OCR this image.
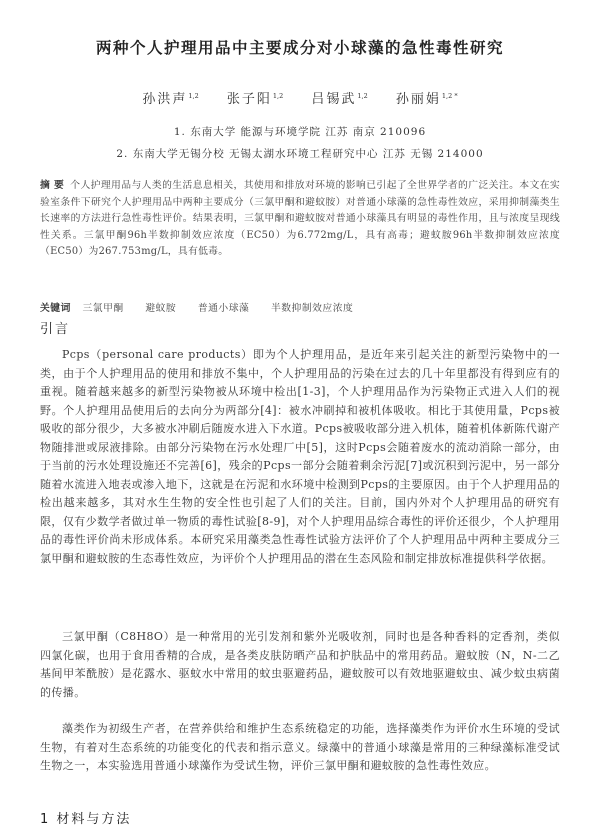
两种个人护理用品中主要成分对小球藻的急性毒性研究
孙洪声$^{1,2}$ 张子阳$^{1,2}$ 吕锡武$^{1,2}$ 孙丽娟$^{1,2 *}$
1. 东南大学 能源与环境学院 江苏 南京 210096
2. 东南大学无锡分校 无锡太湖水环境工程研究中心 江苏 无锡 214000
摘 要 个人护理用品与人类的生活息息相关，其使用和排放对环境的影响已引起了全世界学者的广泛关注。本文在实验室条件下研究个人护理用品中两种主要成分（三氯甲酮和避蚊胺）对普通小球藻的急性毒性效应，采用抑制藻类生长速率的方法进行急性毒性评价。结果表明，三氯甲酮和避蚊胺对普通小球藻具有明显的毒性作用，且与浓度呈现线性关系。三氯甲酮96h半数抑制效应浓度（EC50）为6.772mg/L，具有高毒；避蚊胺96h半数抑制效应浓度（EC50）为267.753mg/L，具有低毒。
关键词 三氯甲酮 避蚊胺 普通小球藻 半数抑制效应浓度
引言
Pcps（personal care products）即为个人护理用品，是近年来引起关注的新型污染物中的一类，由于个人护理用品的使用和排放不集中，个人护理用品的污染在过去的几十年里都没有得到应有的重视。随着越来越多的新型污染物被从环境中检出[1-3]，个人护理用品作为污染物正式进入人们的视野。个人护理用品使用后的去向分为两部分[4]：被水冲刷掉和被机体吸收。相比于其使用量，Pcps被吸收的部分很少，大多被水冲刷后随废水进入下水道。Pcps被吸收部分进入机体，随着机体新陈代谢产物随排泄或尿液排除。由部分污染物在污水处理厂中[5]，这时Pcps会随着废水的流动消除一部分，由于当前的污水处理设施还不完善[6]，残余的Pcps一部分会随着剩余污泥[7]或沉积到污泥中，另一部分随着水流进入地表或渗入地下，这就是在污泥和水环境中检测到Pcps的主要原因。由于个人护理用品的检出越来越多，其对水生生物的安全性也引起了人们的关注。目前，国内外对个人护理用品的研究有限，仅有少数学者做过单一物质的毒性试验[8-9]，对个人护理用品综合毒性的评价还很少，个人护理用品的毒性评价尚未形成体系。本研究采用藻类急性毒性试验方法评价了个人护理用品中两种主要成分三氯甲酮和避蚊胺的生态毒性效应，为评价个人护理用品的潜在生态风险和制定排放标准提供科学依据。
三氯甲酮（C8H8O）是一种常用的光引发剂和紫外光吸收剂，同时也是各种香料的定香剂，类似四氯化碳，也用于食用香精的合成，是各类皮肤防晒产品和护肤品中的常用药品。避蚊胺（N，N-二乙基间甲苯酰胺）是花露水、驱蚊水中常用的蚊虫驱避药品，避蚊胺可以有效地驱避蚊虫、减少蚊虫病菌的传播。
藻类作为初级生产者，在营养供给和维护生态系统稳定的功能，选择藻类作为评价水生环境的受试生物，有着对生态系统的功能变化的代表和指示意义。绿藻中的普通小球藻是常用的三种绿藻标准受试生物之一，本实验选用普通小球藻作为受试生物，评价三氯甲酮和避蚊胺的急性毒性效应。
1 材料与方法
